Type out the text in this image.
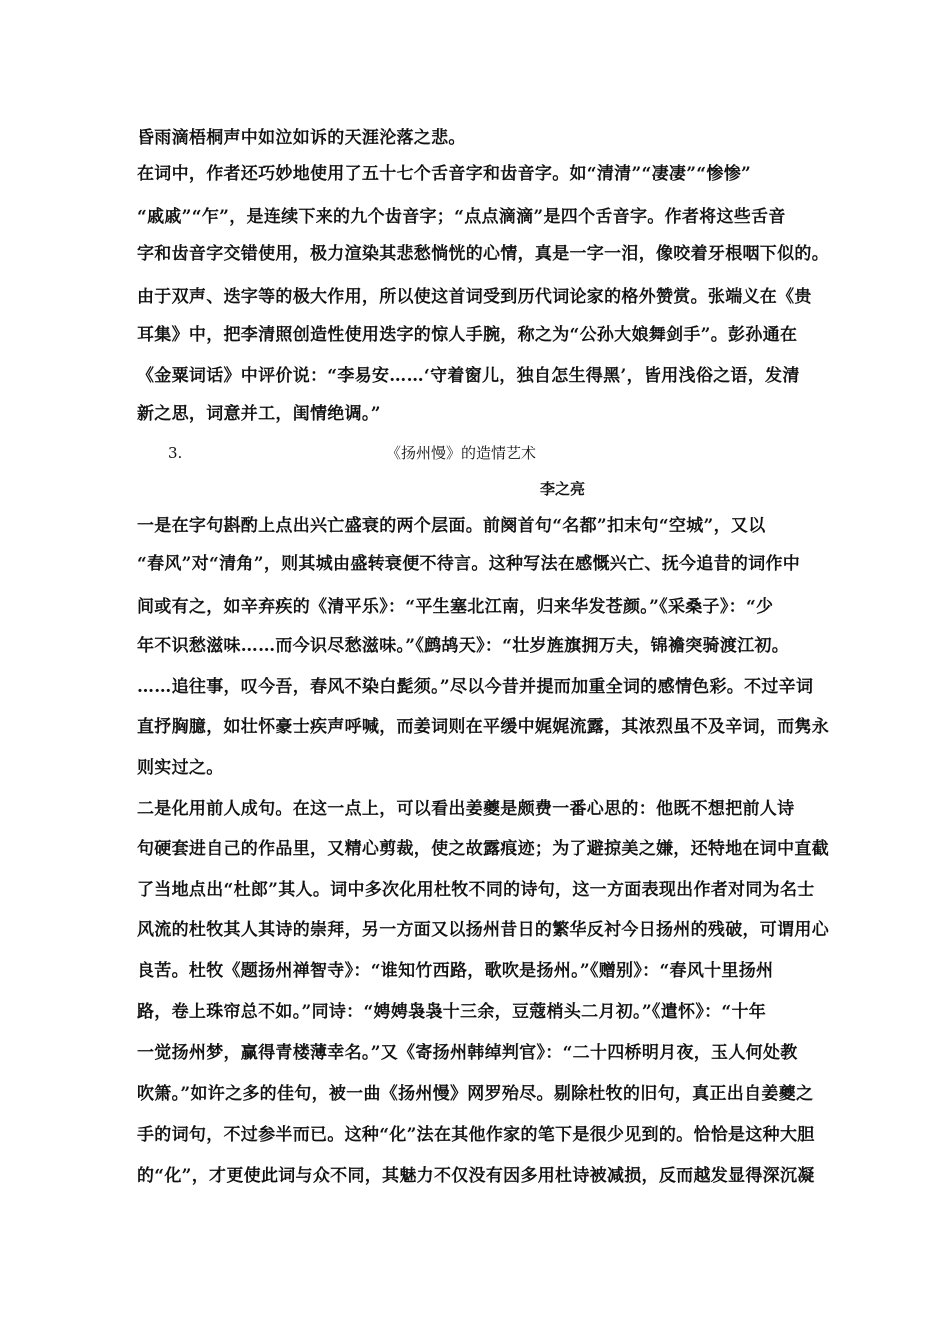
昏雨滴梧桐声中如泣如诉的天涯沦落之悲。
在词中，作者还巧妙地使用了五十七个舌音字和齿音字。如“清清”“凄凄”“惨惨”
“戚戚”“乍”，是连续下来的九个齿音字；“点点滴滴”是四个舌音字。作者将这些舌音
字和齿音字交错使用，极力渲染其悲愁惝恍的心情，真是一字一泪，像咬着牙根咽下似的。
由于双声、迭字等的极大作用，所以使这首词受到历代词论家的格外赞赏。张端义在《贵
耳集》中，把李清照创造性使用迭字的惊人手腕，称之为“公孙大娘舞剑手”。彭孙通在
《金粟词话》中评价说：“李易安……‘守着窗儿，独自怎生得黑’，皆用浅俗之语，发清
新之思，词意并工，闺情绝调。”
3.	《扬州慢》的造情艺术
李之亮
一是在字句斟酌上点出兴亡盛衰的两个层面。前阕首句“名都”扣末句“空城”，又以
“春风”对“清角”，则其城由盛转衰便不待言。这种写法在感慨兴亡、抚今追昔的词作中
间或有之，如辛弃疾的《清平乐》：“平生塞北江南，归来华发苍颜。”《采桑子》：“少
年不识愁滋味……而今识尽愁滋味。”《鹧鸪天》：“壮岁旌旗拥万夫，锦襜突骑渡江初。
……追往事，叹今吾，春风不染白髭须。”尽以今昔并提而加重全词的感情色彩。不过辛词
直抒胸臆，如壮怀豪士疾声呼喊，而姜词则在平缓中娓娓流露，其浓烈虽不及辛词，而隽永
则实过之。
二是化用前人成句。在这一点上，可以看出姜夔是颇费一番心思的：他既不想把前人诗
句硬套进自己的作品里，又精心剪裁，使之故露痕迹；为了避掠美之嫌，还特地在词中直截
了当地点出“杜郎”其人。词中多次化用杜牧不同的诗句，这一方面表现出作者对同为名士
风流的杜牧其人其诗的崇拜，另一方面又以扬州昔日的繁华反衬今日扬州的残破，可谓用心
良苦。杜牧《题扬州禅智寺》：“谁知竹西路，歌吹是扬州。”《赠别》：“春风十里扬州
路，卷上珠帘总不如。”同诗：“娉娉袅袅十三余，豆蔻梢头二月初。”《遣怀》：“十年
一觉扬州梦，赢得青楼薄幸名。”又《寄扬州韩绰判官》：“二十四桥明月夜，玉人何处教
吹箫。”如许之多的佳句，被一曲《扬州慢》网罗殆尽。剔除杜牧的旧句，真正出自姜夔之
手的词句，不过参半而已。这种“化”法在其他作家的笔下是很少见到的。恰恰是这种大胆
的“化”，才更使此词与众不同，其魅力不仅没有因多用杜诗被减损，反而越发显得深沉凝
